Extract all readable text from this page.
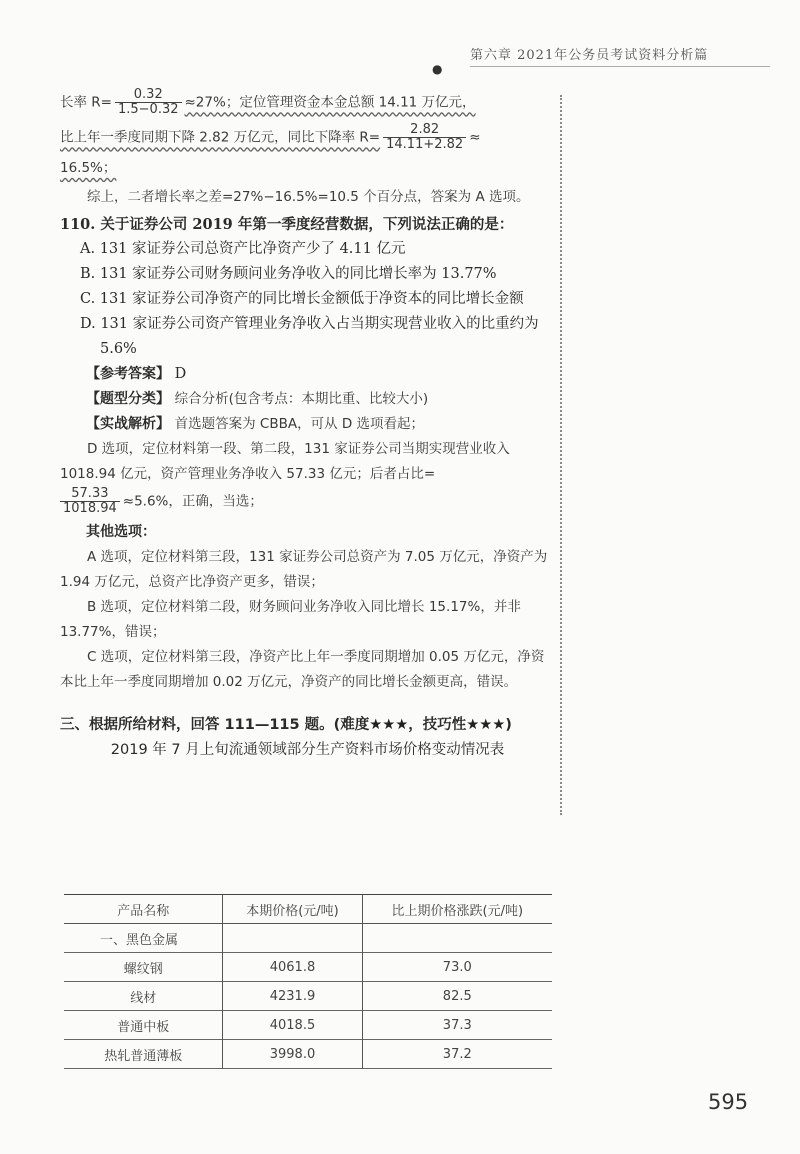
第六章 2021年公务员考试资料分析篇
●

长率 $R= \frac{0.32}{1.5-0.32} \approx 27\%$；定位管理资金本金总额 14.11 万亿元，

比上年一季度同期下降 2.82 万亿元，同比下降率 $R= \frac{2.82}{14.11+2.82}$ ≈

16.5%；

综上，二者增长率之差=27%−16.5%=10.5 个百分点，答案为 A 选项。

110. 关于证券公司 2019 年第一季度经营数据，下列说法正确的是：

A. 131 家证券公司总资产比净资产少了 4.11 亿元

B. 131 家证券公司财务顾问业务净收入的同比增长率为 13.77%

C. 131 家证券公司净资产的同比增长金额低于净资本的同比增长金额

D. 131 家证券公司资产管理业务净收入占当期实现营业收入的比重约为 5.6%

【参考答案】 D

【题型分类】 综合分析(包含考点：本期比重、比较大小)

【实战解析】 首选题答案为 CBBA，可从 D 选项看起；

D 选项，定位材料第一段、第二段，131 家证券公司当期实现营业收入 1018.94 亿元，资产管理业务净收入 57.33 亿元；后者占比=

$\frac{57.33}{1018.94} \approx 5.6\%$，正确，当选；

其他选项：

A 选项，定位材料第三段，131 家证券公司总资产为 7.05 万亿元，净资产为 1.94 万亿元，总资产比净资产更多，错误；

B 选项，定位材料第二段，财务顾问业务净收入同比增长 15.17%，并非 13.77%，错误；

C 选项，定位材料第三段，净资产比上年一季度同期增加 0.05 万亿元，净资本比上年一季度同期增加 0.02 万亿元，净资产的同比增长金额更高，错误。

三、根据所给材料，回答 111—115 题。(难度★★★，技巧性★★★)

2019 年 7 月上旬流通领域部分生产资料市场价格变动情况表

产品名称	本期价格(元/吨)	比上期价格涨跌(元/吨)
一、黑色金属		
螺纹钢	4061.8	73.0
线材	4231.9	82.5
普通中板	4018.5	37.3
热轧普通薄板	3998.0	37.2
595
